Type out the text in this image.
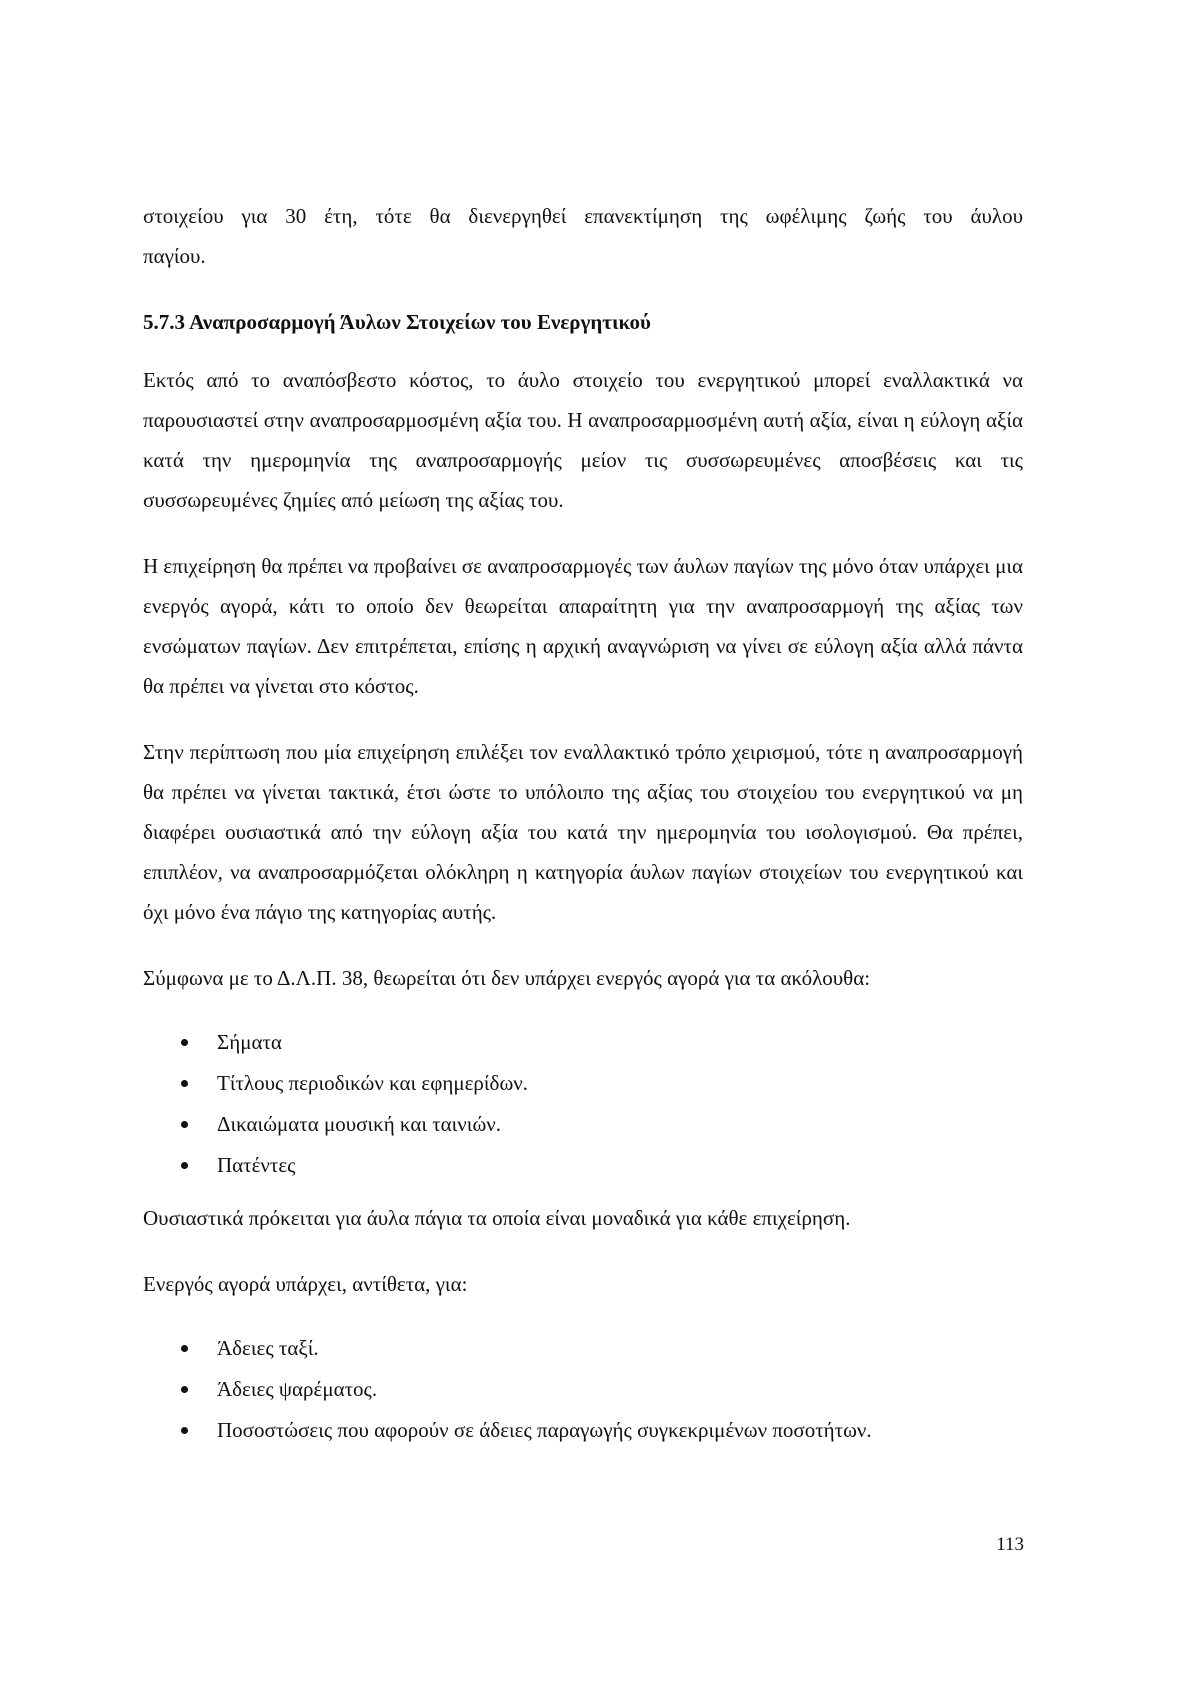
στοιχείου για 30 έτη, τότε θα διενεργηθεί επανεκτίμηση της ωφέλιμης ζωής του άυλου

παγίου.

5.7.3 Αναπροσαρμογή Άυλων Στοιχείων του Ενεργητικού

Εκτός από το αναπόσβεστο κόστος, το άυλο στοιχείο του ενεργητικού μπορεί εναλλακτικά να παρουσιαστεί στην αναπροσαρμοσμένη αξία του. Η αναπροσαρμοσμένη αυτή αξία, είναι η εύλογη αξία κατά την ημερομηνία της αναπροσαρμογής μείον τις συσσωρευμένες αποσβέσεις και τις συσσωρευμένες ζημίες από μείωση της αξίας του.

Η επιχείρηση θα πρέπει να προβαίνει σε αναπροσαρμογές των άυλων παγίων της μόνο όταν υπάρχει μια ενεργός αγορά, κάτι το οποίο δεν θεωρείται απαραίτητη για την αναπροσαρμογή της αξίας των ενσώματων παγίων. Δεν επιτρέπεται, επίσης η αρχική αναγνώριση να γίνει σε εύλογη αξία αλλά πάντα θα πρέπει να γίνεται στο κόστος.

Στην περίπτωση που μία επιχείρηση επιλέξει τον εναλλακτικό τρόπο χειρισμού, τότε η αναπροσαρμογή θα πρέπει να γίνεται τακτικά, έτσι ώστε το υπόλοιπο της αξίας του στοιχείου του ενεργητικού να μη διαφέρει ουσιαστικά από την εύλογη αξία του κατά την ημερομηνία του ισολογισμού. Θα πρέπει, επιπλέον, να αναπροσαρμόζεται ολόκληρη η κατηγορία άυλων παγίων στοιχείων του ενεργητικού και όχι μόνο ένα πάγιο της κατηγορίας αυτής.

Σύμφωνα με το Δ.Λ.Π. 38, θεωρείται ότι δεν υπάρχει ενεργός αγορά για τα ακόλουθα:
Σήματα
Τίτλους περιοδικών και εφημερίδων.
Δικαιώματα μουσική και ταινιών.
Πατέντες
Ουσιαστικά πρόκειται για άυλα πάγια τα οποία είναι μοναδικά για κάθε επιχείρηση.
Ενεργός αγορά υπάρχει, αντίθετα, για:
Άδειες ταξί.
Άδειες ψαρέματος.
Ποσοστώσεις που αφορούν σε άδειες παραγωγής συγκεκριμένων ποσοτήτων.
113
